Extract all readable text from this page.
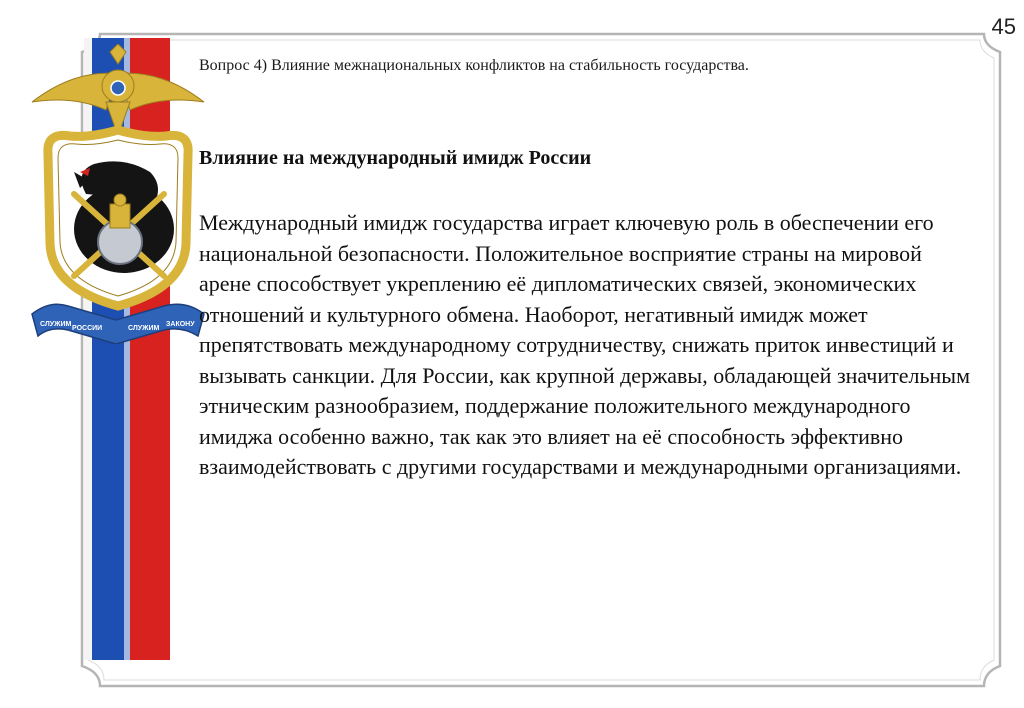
СЛУЖИМ
РОССИИ	СЛУЖИМ
ЗАКОНУ
45
Вопрос 4) Влияние межнациональных конфликтов на стабильность государства.
Влияние на международный имидж России

Международный имидж государства играет ключевую роль в обеспечении его национальной безопасности. Положительное восприятие страны на мировой арене способствует укреплению её дипломатических связей, экономических отношений и культурного обмена. Наоборот, негативный имидж может препятствовать международному сотрудничеству, снижать приток инвестиций и вызывать санкции. Для России, как крупной державы, обладающей значительным этническим разнообразием, поддержание положительного международного имиджа особенно важно, так как это влияет на её способность эффективно взаимодействовать с другими государствами и международными организациями.
